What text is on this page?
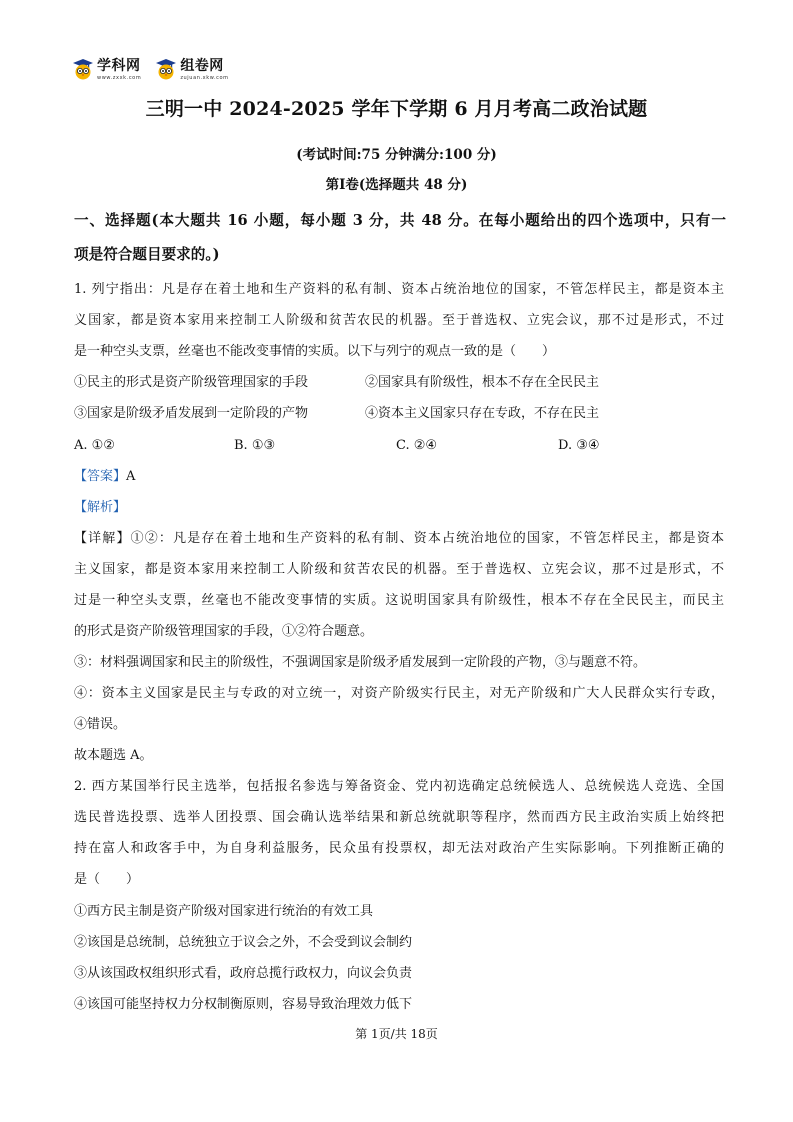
学科网
www.zxxk.com
组卷网
zujuan.xkw.com
三明一中 2024-2025 学年下学期 6 月月考高二政治试题
(考试时间:75 分钟满分:100 分)
第Ⅰ卷(选择题共 48 分)
一、选择题(本大题共 16 小题，每小题 3 分，共 48 分。在每小题给出的四个选项中，只有一
项是符合题目要求的。)
1. 列宁指出：凡是存在着土地和生产资料的私有制、资本占统治地位的国家，不管怎样民主，都是资本主
义国家，都是资本家用来控制工人阶级和贫苦农民的机器。至于普选权、立宪会议，那不过是形式，不过
是一种空头支票，丝毫也不能改变事情的实质。以下与列宁的观点一致的是（　　）
①民主的形式是资产阶级管理国家的手段	②国家具有阶级性，根本不存在全民民主
③国家是阶级矛盾发展到一定阶段的产物	④资本主义国家只存在专政，不存在民主
A. ①②	B. ①③	C. ②④	D. ③④
【答案】A
【解析】
【详解】①②：凡是存在着土地和生产资料的私有制、资本占统治地位的国家，不管怎样民主，都是资本
主义国家，都是资本家用来控制工人阶级和贫苦农民的机器。至于普选权、立宪会议，那不过是形式，不
过是一种空头支票，丝毫也不能改变事情的实质。这说明国家具有阶级性，根本不存在全民民主，而民主
的形式是资产阶级管理国家的手段，①②符合题意。
③：材料强调国家和民主的阶级性，不强调国家是阶级矛盾发展到一定阶段的产物，③与题意不符。
④：资本主义国家是民主与专政的对立统一，对资产阶级实行民主，对无产阶级和广大人民群众实行专政，
④错误。
故本题选 A。
2. 西方某国举行民主选举，包括报名参选与筹备资金、党内初选确定总统候选人、总统候选人竞选、全国
选民普选投票、选举人团投票、国会确认选举结果和新总统就职等程序，然而西方民主政治实质上始终把
持在富人和政客手中，为自身利益服务，民众虽有投票权，却无法对政治产生实际影响。下列推断正确的
是（　　）
①西方民主制是资产阶级对国家进行统治的有效工具
②该国是总统制，总统独立于议会之外，不会受到议会制约
③从该国政权组织形式看，政府总揽行政权力，向议会负责
④该国可能坚持权力分权制衡原则，容易导致治理效力低下
第 1页/共 18页
